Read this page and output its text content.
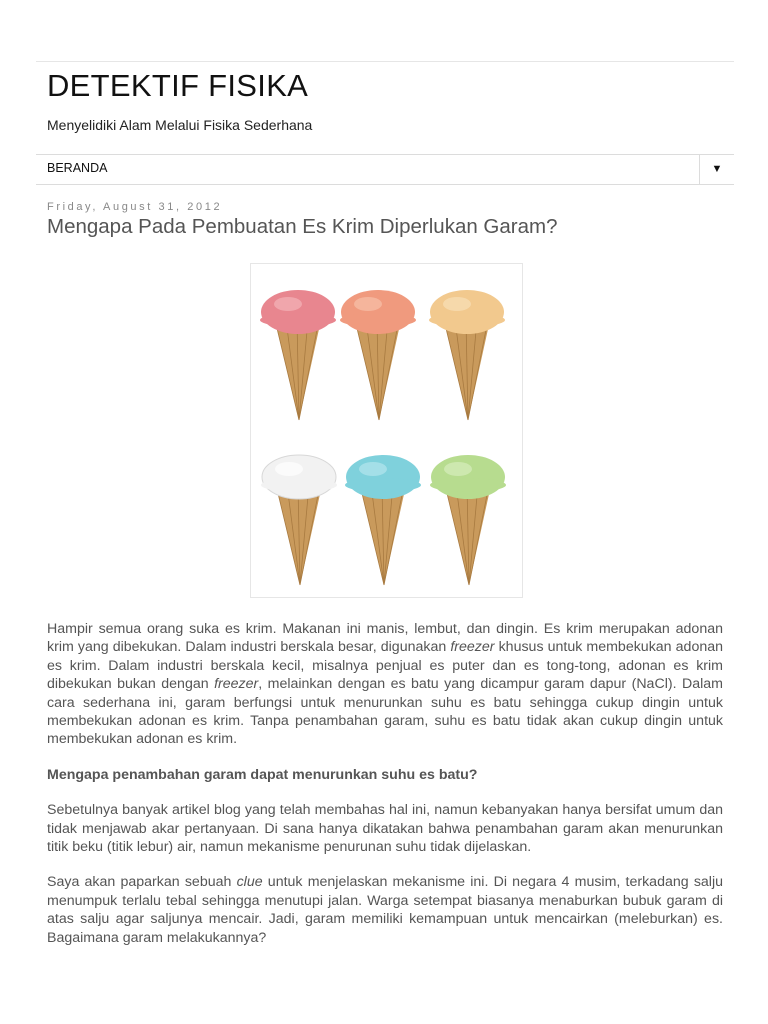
DETEKTIF FISIKA
Menyelidiki Alam Melalui Fisika Sederhana
BERANDA	▼
Friday, August 31, 2012
Mengapa Pada Pembuatan Es Krim Diperlukan Garam?

Hampir semua orang suka es krim. Makanan ini manis, lembut, dan dingin. Es krim merupakan adonan krim yang dibekukan. Dalam industri berskala besar, digunakan freezer khusus untuk membekukan adonan es krim. Dalam industri berskala kecil, misalnya penjual es puter dan es tong-tong, adonan es krim dibekukan bukan dengan freezer, melainkan dengan es batu yang dicampur garam dapur (NaCl). Dalam cara sederhana ini, garam berfungsi untuk menurunkan suhu es batu sehingga cukup dingin untuk membekukan adonan es krim. Tanpa penambahan garam, suhu es batu tidak akan cukup dingin untuk membekukan adonan es krim.

Mengapa penambahan garam dapat menurunkan suhu es batu?

Sebetulnya banyak artikel blog yang telah membahas hal ini, namun kebanyakan hanya bersifat umum dan tidak menjawab akar pertanyaan. Di sana hanya dikatakan bahwa penambahan garam akan menurunkan titik beku (titik lebur) air, namun mekanisme penurunan suhu tidak dijelaskan.

Saya akan paparkan sebuah clue untuk menjelaskan mekanisme ini. Di negara 4 musim, terkadang salju menumpuk terlalu tebal sehingga menutupi jalan. Warga setempat biasanya menaburkan bubuk garam di atas salju agar saljunya mencair. Jadi, garam memiliki kemampuan untuk mencairkan (meleburkan) es. Bagaimana garam melakukannya?
